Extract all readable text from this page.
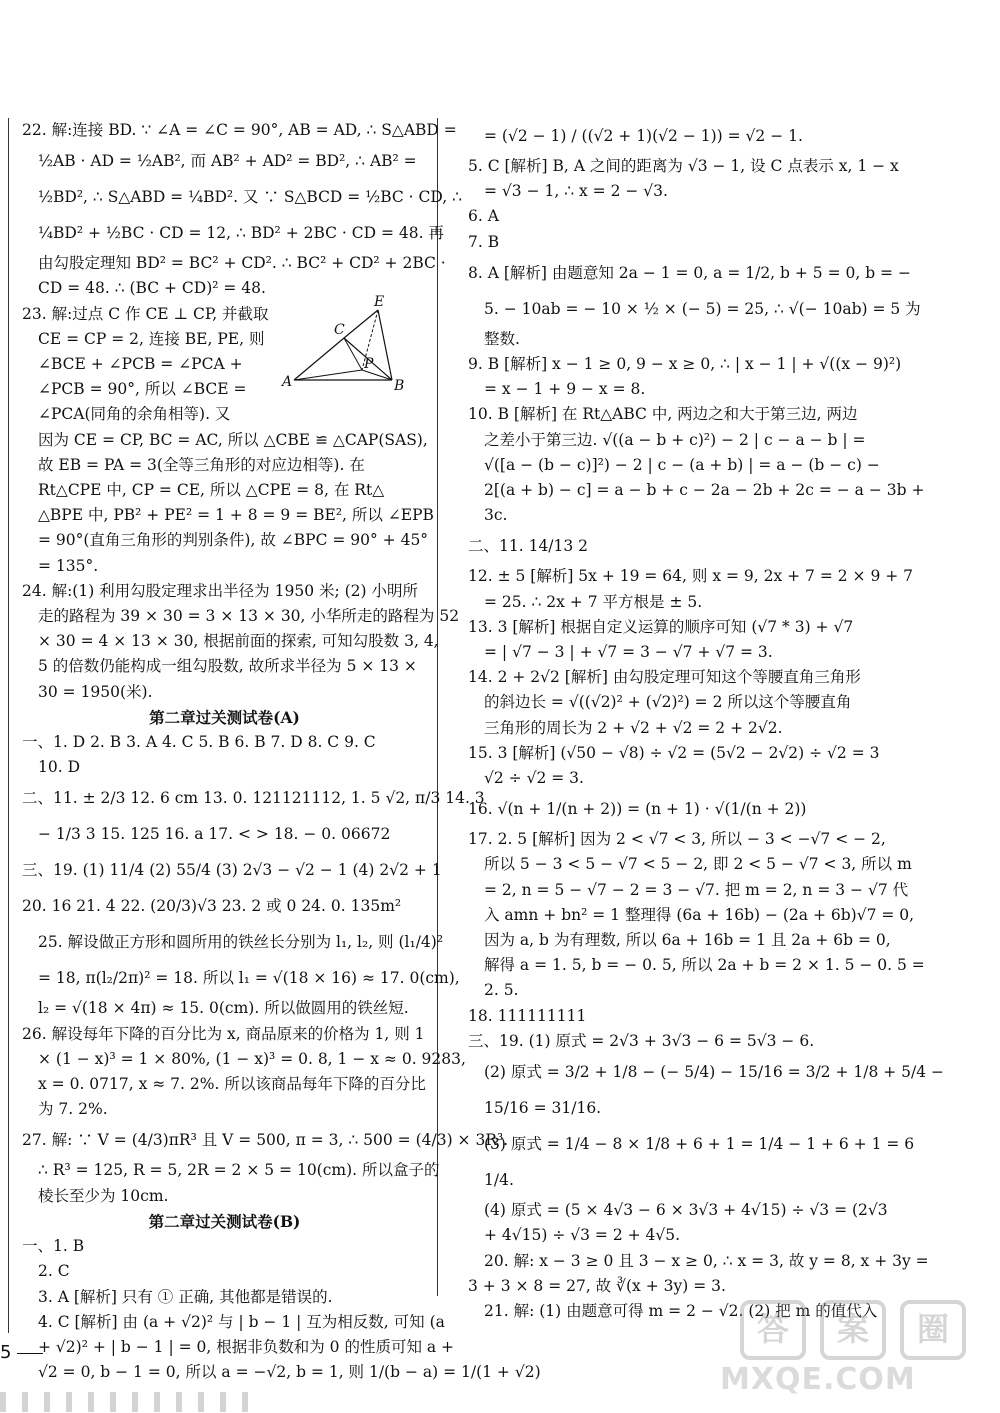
22. 解:连接 BD. ∵ ∠A = ∠C = 90°, AB = AD, ∴ S△ABD =
½AB · AD = ½AB², 而 AB² + AD² = BD², ∴ AB² =
½BD², ∴ S△ABD = ¼BD². 又 ∵ S△BCD = ½BC · CD, ∴
¼BD² + ½BC · CD = 12, ∴ BD² + 2BC · CD = 48. 再
由勾股定理知 BD² = BC² + CD². ∴ BC² + CD² + 2BC ·
CD = 48. ∴ (BC + CD)² = 48.
23. 解:过点 C 作 CE ⊥ CP, 并截取
CE = CP = 2, 连接 BE, PE, 则
∠BCE + ∠PCB = ∠PCA +
∠PCB = 90°, 所以 ∠BCE =
∠PCA(同角的余角相等). 又
因为 CE = CP, BC = AC, 所以 △CBE ≌ △CAP(SAS),
故 EB = PA = 3(全等三角形的对应边相等). 在
Rt△CPE 中, CP = CE, 所以 △CPE = 8, 在 Rt△
△BPE 中, PB² + PE² = 1 + 8 = 9 = BE², 所以 ∠EPB
= 90°(直角三角形的判别条件), 故 ∠BPC = 90° + 45°
= 135°.
24. 解:(1) 利用勾股定理求出半径为 1950 米; (2) 小明所
走的路程为 39 × 30 = 3 × 13 × 30, 小华所走的路程为 52
× 30 = 4 × 13 × 30, 根据前面的探索, 可知勾股数 3, 4,
5 的倍数仍能构成一组勾股数, 故所求半径为 5 × 13 ×
30 = 1950(米).
第二章过关测试卷(A)
一、1. D 2. B 3. A 4. C 5. B 6. B 7. D 8. C 9. C
10. D
二、11. ± 2/3 12. 6 cm 13. 0. 121121112, 1. 5 √2, π/3 14. 3
− 1/3 3 15. 125 16. a 17. < > 18. − 0. 06672
三、19. (1) 11/4 (2) 55/4 (3) 2√3 − √2 − 1 (4) 2√2 + 1
20. 16 21. 4 22. (20/3)√3 23. 2 或 0 24. 0. 135m²
25. 解设做正方形和圆所用的铁丝长分别为 l₁, l₂, 则 (l₁/4)²
= 18, π(l₂/2π)² = 18. 所以 l₁ = √(18 × 16) ≈ 17. 0(cm),
l₂ = √(18 × 4π) ≈ 15. 0(cm). 所以做圆用的铁丝短.
26. 解设每年下降的百分比为 x, 商品原来的价格为 1, 则 1
× (1 − x)³ = 1 × 80%, (1 − x)³ = 0. 8, 1 − x ≈ 0. 9283,
x = 0. 0717, x ≈ 7. 2%. 所以该商品每年下降的百分比
为 7. 2%.
27. 解: ∵ V = (4/3)πR³ 且 V = 500, π = 3, ∴ 500 = (4/3) × 3R³.
∴ R³ = 125, R = 5, 2R = 2 × 5 = 10(cm). 所以盒子的
棱长至少为 10cm.
第二章过关测试卷(B)
一、1. B
2. C
3. A [解析] 只有 ① 正确, 其他都是错误的.
4. C [解析] 由 (a + √2)² 与 | b − 1 | 互为相反数, 可知 (a
+ √2)² + | b − 1 | = 0, 根据非负数和为 0 的性质可知 a +
√2 = 0, b − 1 = 0, 所以 a = −√2, b = 1, 则 1/(b − a) = 1/(1 + √2)
= (√2 − 1) / ((√2 + 1)(√2 − 1)) = √2 − 1.
5. C [解析] B, A 之间的距离为 √3 − 1, 设 C 点表示 x, 1 − x
= √3 − 1, ∴ x = 2 − √3.
6. A
7. B
8. A [解析] 由题意知 2a − 1 = 0, a = 1/2, b + 5 = 0, b = −
5. − 10ab = − 10 × ½ × (− 5) = 25, ∴ √(− 10ab) = 5 为
整数.
9. B [解析] x − 1 ≥ 0, 9 − x ≥ 0, ∴ | x − 1 | + √((x − 9)²)
= x − 1 + 9 − x = 8.
10. B [解析] 在 Rt△ABC 中, 两边之和大于第三边, 两边
之差小于第三边. √((a − b + c)²) − 2 | c − a − b | =
√([a − (b − c)]²) − 2 | c − (a + b) | = a − (b − c) −
2[(a + b) − c] = a − b + c − 2a − 2b + 2c = − a − 3b +
3c.
二、11. 14/13 2
12. ± 5 [解析] 5x + 19 = 64, 则 x = 9, 2x + 7 = 2 × 9 + 7
= 25. ∴ 2x + 7 平方根是 ± 5.
13. 3 [解析] 根据自定义运算的顺序可知 (√7 * 3) + √7
= | √7 − 3 | + √7 = 3 − √7 + √7 = 3.
14. 2 + 2√2 [解析] 由勾股定理可知这个等腰直角三角形
的斜边长 = √((√2)² + (√2)²) = 2 所以这个等腰直角
三角形的周长为 2 + √2 + √2 = 2 + 2√2.
15. 3 [解析] (√50 − √8) ÷ √2 = (5√2 − 2√2) ÷ √2 = 3
√2 ÷ √2 = 3.
16. √(n + 1/(n + 2)) = (n + 1) · √(1/(n + 2))
17. 2. 5 [解析] 因为 2 < √7 < 3, 所以 − 3 < −√7 < − 2,
所以 5 − 3 < 5 − √7 < 5 − 2, 即 2 < 5 − √7 < 3, 所以 m
= 2, n = 5 − √7 − 2 = 3 − √7. 把 m = 2, n = 3 − √7 代
入 amn + bn² = 1 整理得 (6a + 16b) − (2a + 6b)√7 = 0,
因为 a, b 为有理数, 所以 6a + 16b = 1 且 2a + 6b = 0,
解得 a = 1. 5, b = − 0. 5, 所以 2a + b = 2 × 1. 5 − 0. 5 =
2. 5.
18. 111111111
三、19. (1) 原式 = 2√3 + 3√3 − 6 = 5√3 − 6.
(2) 原式 = 3/2 + 1/8 − (− 5/4) − 15/16 = 3/2 + 1/8 + 5/4 −
15/16 = 31/16.
(3) 原式 = 1/4 − 8 × 1/8 + 6 + 1 = 1/4 − 1 + 6 + 1 = 6
1/4.
(4) 原式 = (5 × 4√3 − 6 × 3√3 + 4√15) ÷ √3 = (2√3
+ 4√15) ÷ √3 = 2 + 4√5.
20. 解: x − 3 ≥ 0 且 3 − x ≥ 0, ∴ x = 3, 故 y = 8, x + 3y =
3 + 3 × 8 = 27, 故 ∛(x + 3y) = 3.
21. 解: (1) 由题意可得 m = 2 − √2. (2) 把 m 的值代入
A	B
C
E
P
5
答	案	圈
MXQE.COM
